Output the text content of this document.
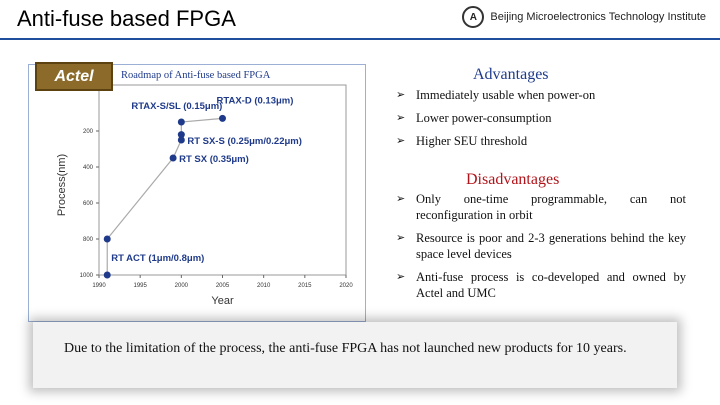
Anti-fuse based FPGA	A	Beijing Microelectronics Technology Institute
1990	1995	2000	2005	2010	2015	2020
200
400
600
800
1000
Year
Process(nm)
RT ACT (1μm/0.8μm)
RT SX (0.35μm)
RT SX-S (0.25μm/0.22μm)
RTAX-S/SL (0.15μm)
RTAX-D (0.13μm)
Actel	Roadmap of Anti-fuse based FPGA	Advantages
➢ Immediately usable when power-on
➢ Lower power-consumption
➢ Higher SEU threshold
Disadvantages
➢ Only one-time programmable, can not reconfiguration in orbit
➢ Resource is poor and 2-3 generations behind the key space level devices
➢ Anti-fuse process is co-developed and owned by Actel and UMC
Due to the limitation of the process, the anti-fuse FPGA has not launched new products for 10 years.
